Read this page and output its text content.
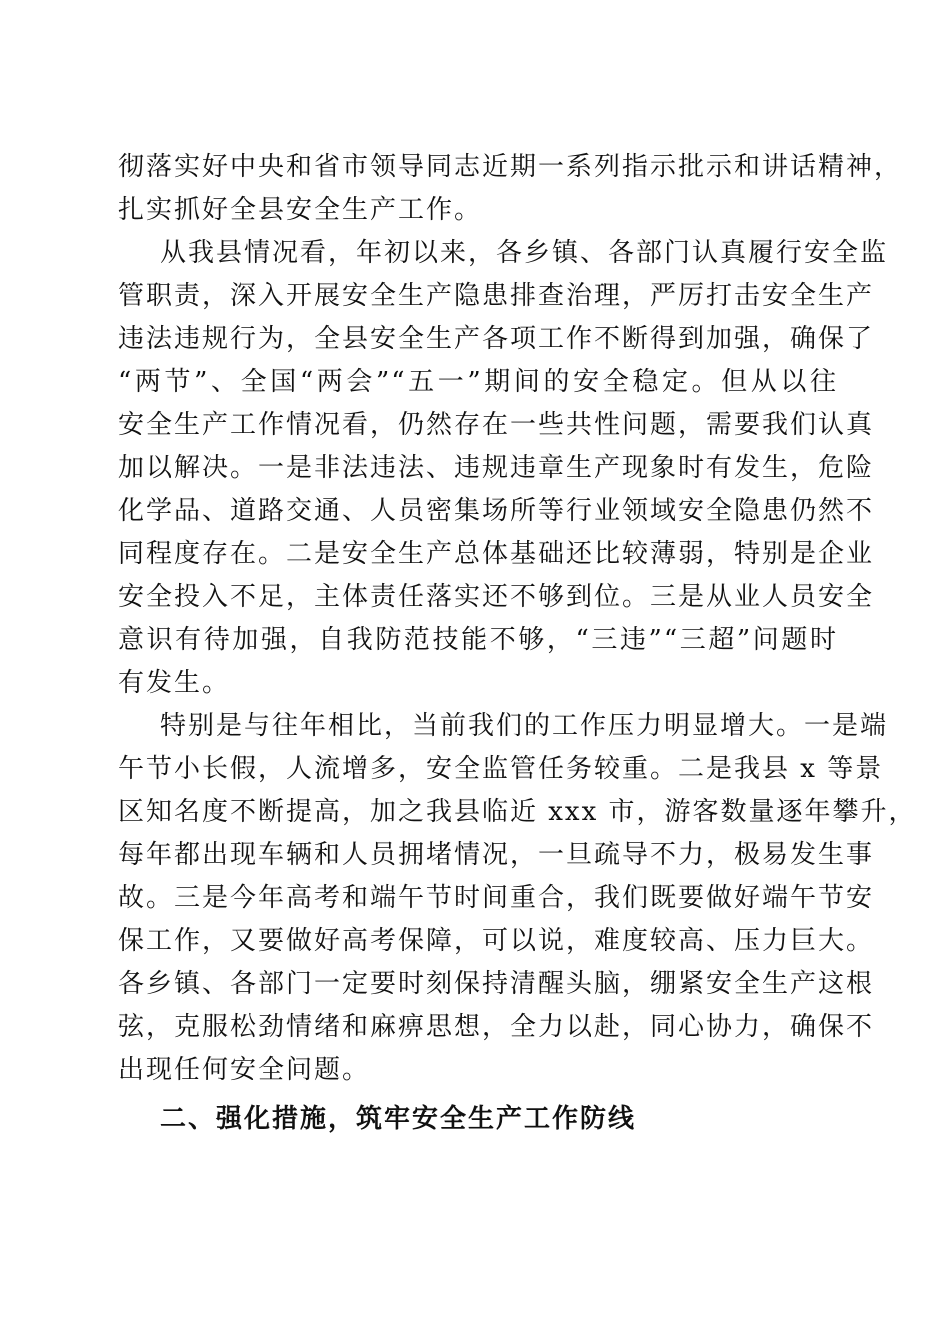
彻落实好中央和省市领导同志近期一系列指示批示和讲话精神，
扎实抓好全县安全生产工作。
从我县情况看，年初以来，各乡镇、各部门认真履行安全监
管职责，深入开展安全生产隐患排查治理，严厉打击安全生产
违法违规行为，全县安全生产各项工作不断得到加强，确保了
“两节”、全国“两会”“五一”期间的安全稳定。但从以往
安全生产工作情况看，仍然存在一些共性问题，需要我们认真
加以解决。一是非法违法、违规违章生产现象时有发生，危险
化学品、道路交通、人员密集场所等行业领域安全隐患仍然不
同程度存在。二是安全生产总体基础还比较薄弱，特别是企业
安全投入不足，主体责任落实还不够到位。三是从业人员安全
意识有待加强，自我防范技能不够，“三违”“三超”问题时
有发生。
特别是与往年相比，当前我们的工作压力明显增大。一是端
午节小长假，人流增多，安全监管任务较重。二是我县 x 等景
区知名度不断提高，加之我县临近 xxx 市，游客数量逐年攀升，
每年都出现车辆和人员拥堵情况，一旦疏导不力，极易发生事
故。三是今年高考和端午节时间重合，我们既要做好端午节安
保工作，又要做好高考保障，可以说，难度较高、压力巨大。
各乡镇、各部门一定要时刻保持清醒头脑，绷紧安全生产这根
弦，克服松劲情绪和麻痹思想，全力以赴，同心协力，确保不
出现任何安全问题。
二、强化措施，筑牢安全生产工作防线
